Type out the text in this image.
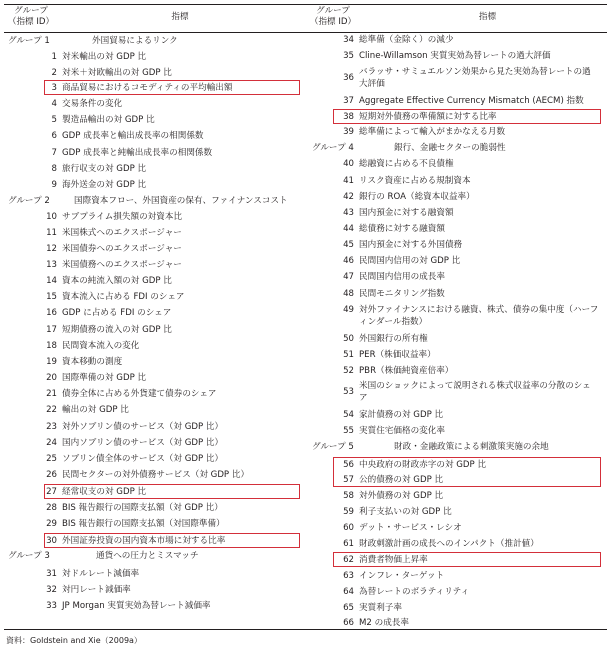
グループ
（指標 ID）	指標
グループ
（指標 ID）	指標
グループ 1	外国貿易によるリンク
1 対米輸出の対 GDP 比
2 対米＋対欧輸出の対 GDP 比
3 商品貿易におけるコモディティの平均輸出額
4 交易条件の変化
5 製造品輸出の対 GDP 比
6 GDP 成長率と輸出成長率の相関係数
7 GDP 成長率と純輸出成長率の相関係数
8 旅行収支の対 GDP 比
9 海外送金の対 GDP 比
グループ 2	国際資本フロー、外国資産の保有、ファイナンスコスト
10 サブプライム損失額の対資本比
11 米国株式へのエクスポージャー
12 米国債券へのエクスポージャー
13 米国債務へのエクスポージャー
14 資本の純流入額の対 GDP 比
15 資本流入に占める FDI のシェア
16 GDP に占める FDI のシェア
17 短期債務の流入の対 GDP 比
18 民間資本流入の変化
19 資本移動の測度
20 国際準備の対 GDP 比
21 債券全体に占める外貨建て債券のシェア
22 輸出の対 GDP 比
23 対外ソブリン債のサービス（対 GDP 比）
24 国内ソブリン債のサービス（対 GDP 比）
25 ソブリン債全体のサービス（対 GDP 比）
26 民間セクターの対外債務サービス（対 GDP 比）
27 経常収支の対 GDP 比
28 BIS 報告銀行の国際支払額（対 GDP 比）
29 BIS 報告銀行の国際支払額（対国際準備）
30 外国証券投資の国内資本市場に対する比率
グループ 3	通貨への圧力とミスマッチ
31 対ドルレート減価率
32 対円レート減価率
33 JP Morgan 実質実効為替レート減価率
34 総準備（金除く）の減少
35 Cline-Willamson 実質実効為替レートの過大評価
36
バラッサ・サミュエルソン効果から見た実効為替レートの過大評価
37 Aggregate Effective Currency Mismatch (AECM) 指数
38 短期対外債務の準備額に対する比率
39 総準備によって輸入がまかなえる月数
グループ 4	銀行、金融セクターの脆弱性
40 総融資に占める不良債権
41 リスク資産に占める規制資本
42 銀行の ROA（総資本収益率）
43 国内預金に対する融資額
44 総債務に対する融資額
45 国内預金に対する外国債務
46 民間国内信用の対 GDP 比
47 民間国内信用の成長率
48 民間モニタリング指数
49 対外ファイナンスにおける融資、株式、債券の集中度（ハーフィンダール指数）
50 外国銀行の所有権
51 PER（株価収益率）
52 PBR（株価純資産倍率）
53
米国のショックによって説明される株式収益率の分散のシェア
54 家計債務の対 GDP 比
55 実質住宅価格の変化率
グループ 5	財政・金融政策による刺激策実施の余地
56 中央政府の財政赤字の対 GDP 比
57 公的債務の対 GDP 比
58 対外債務の対 GDP 比
59 利子支払いの対 GDP 比
60 デット・サービス・レシオ
61 財政刺激計画の成長へのインパクト（推計値）
62 消費者物価上昇率
63 インフレ・ターゲット
64 為替レートのボラティリティ
65 実質利子率
66 M2 の成長率
資料：Goldstein and Xie（2009a）
